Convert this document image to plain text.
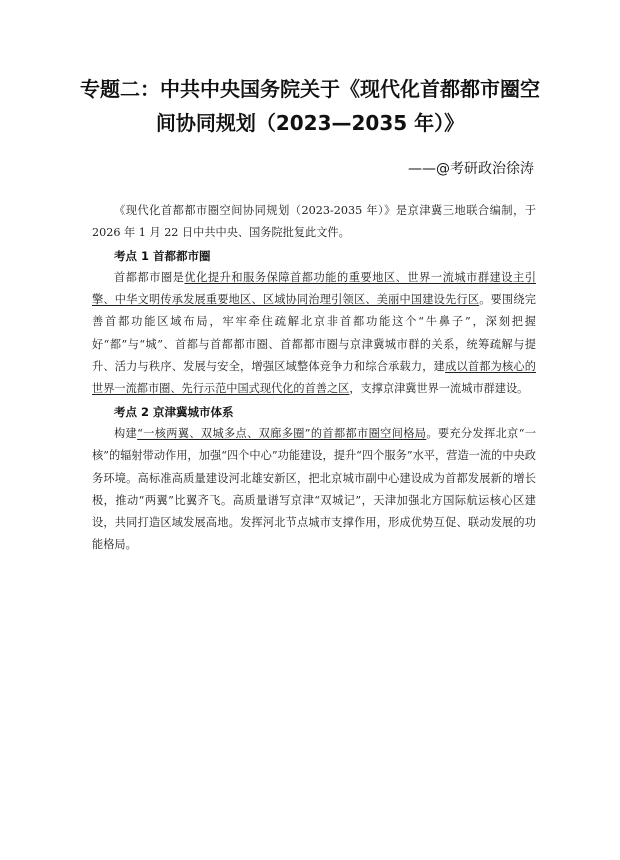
专题二：中共中央国务院关于《现代化首都都市圈空
间协同规划（2023—2035 年）》
——@考研政治徐涛

《现代化首都都市圈空间协同规划（2023-2035 年）》是京津冀三地联合编制，于 2026 年 1 月 22 日中共中央、国务院批复此文件。

考点 1 首都都市圈

首都都市圈是优化提升和服务保障首都功能的重要地区、世界一流城市群建设主引擎、中华文明传承发展重要地区、区域协同治理引领区、美丽中国建设先行区。要围绕完善首都功能区域布局，牢牢牵住疏解北京非首都功能这个“牛鼻子”，深刻把握好“都”与“城”、首都与首都都市圈、首都都市圈与京津冀城市群的关系，统筹疏解与提升、活力与秩序、发展与安全，增强区域整体竞争力和综合承载力，建成以首都为核心的世界一流都市圈、先行示范中国式现代化的首善之区，支撑京津冀世界一流城市群建设。

考点 2 京津冀城市体系

构建“一核两翼、双城多点、双廊多圈”的首都都市圈空间格局。要充分发挥北京“一核”的辐射带动作用，加强“四个中心”功能建设，提升“四个服务”水平，营造一流的中央政务环境。高标准高质量建设河北雄安新区，把北京城市副中心建设成为首都发展新的增长极，推动“两翼”比翼齐飞。高质量谱写京津“双城记”，天津加强北方国际航运核心区建设，共同打造区域发展高地。发挥河北节点城市支撑作用，形成优势互促、联动发展的功能格局。
